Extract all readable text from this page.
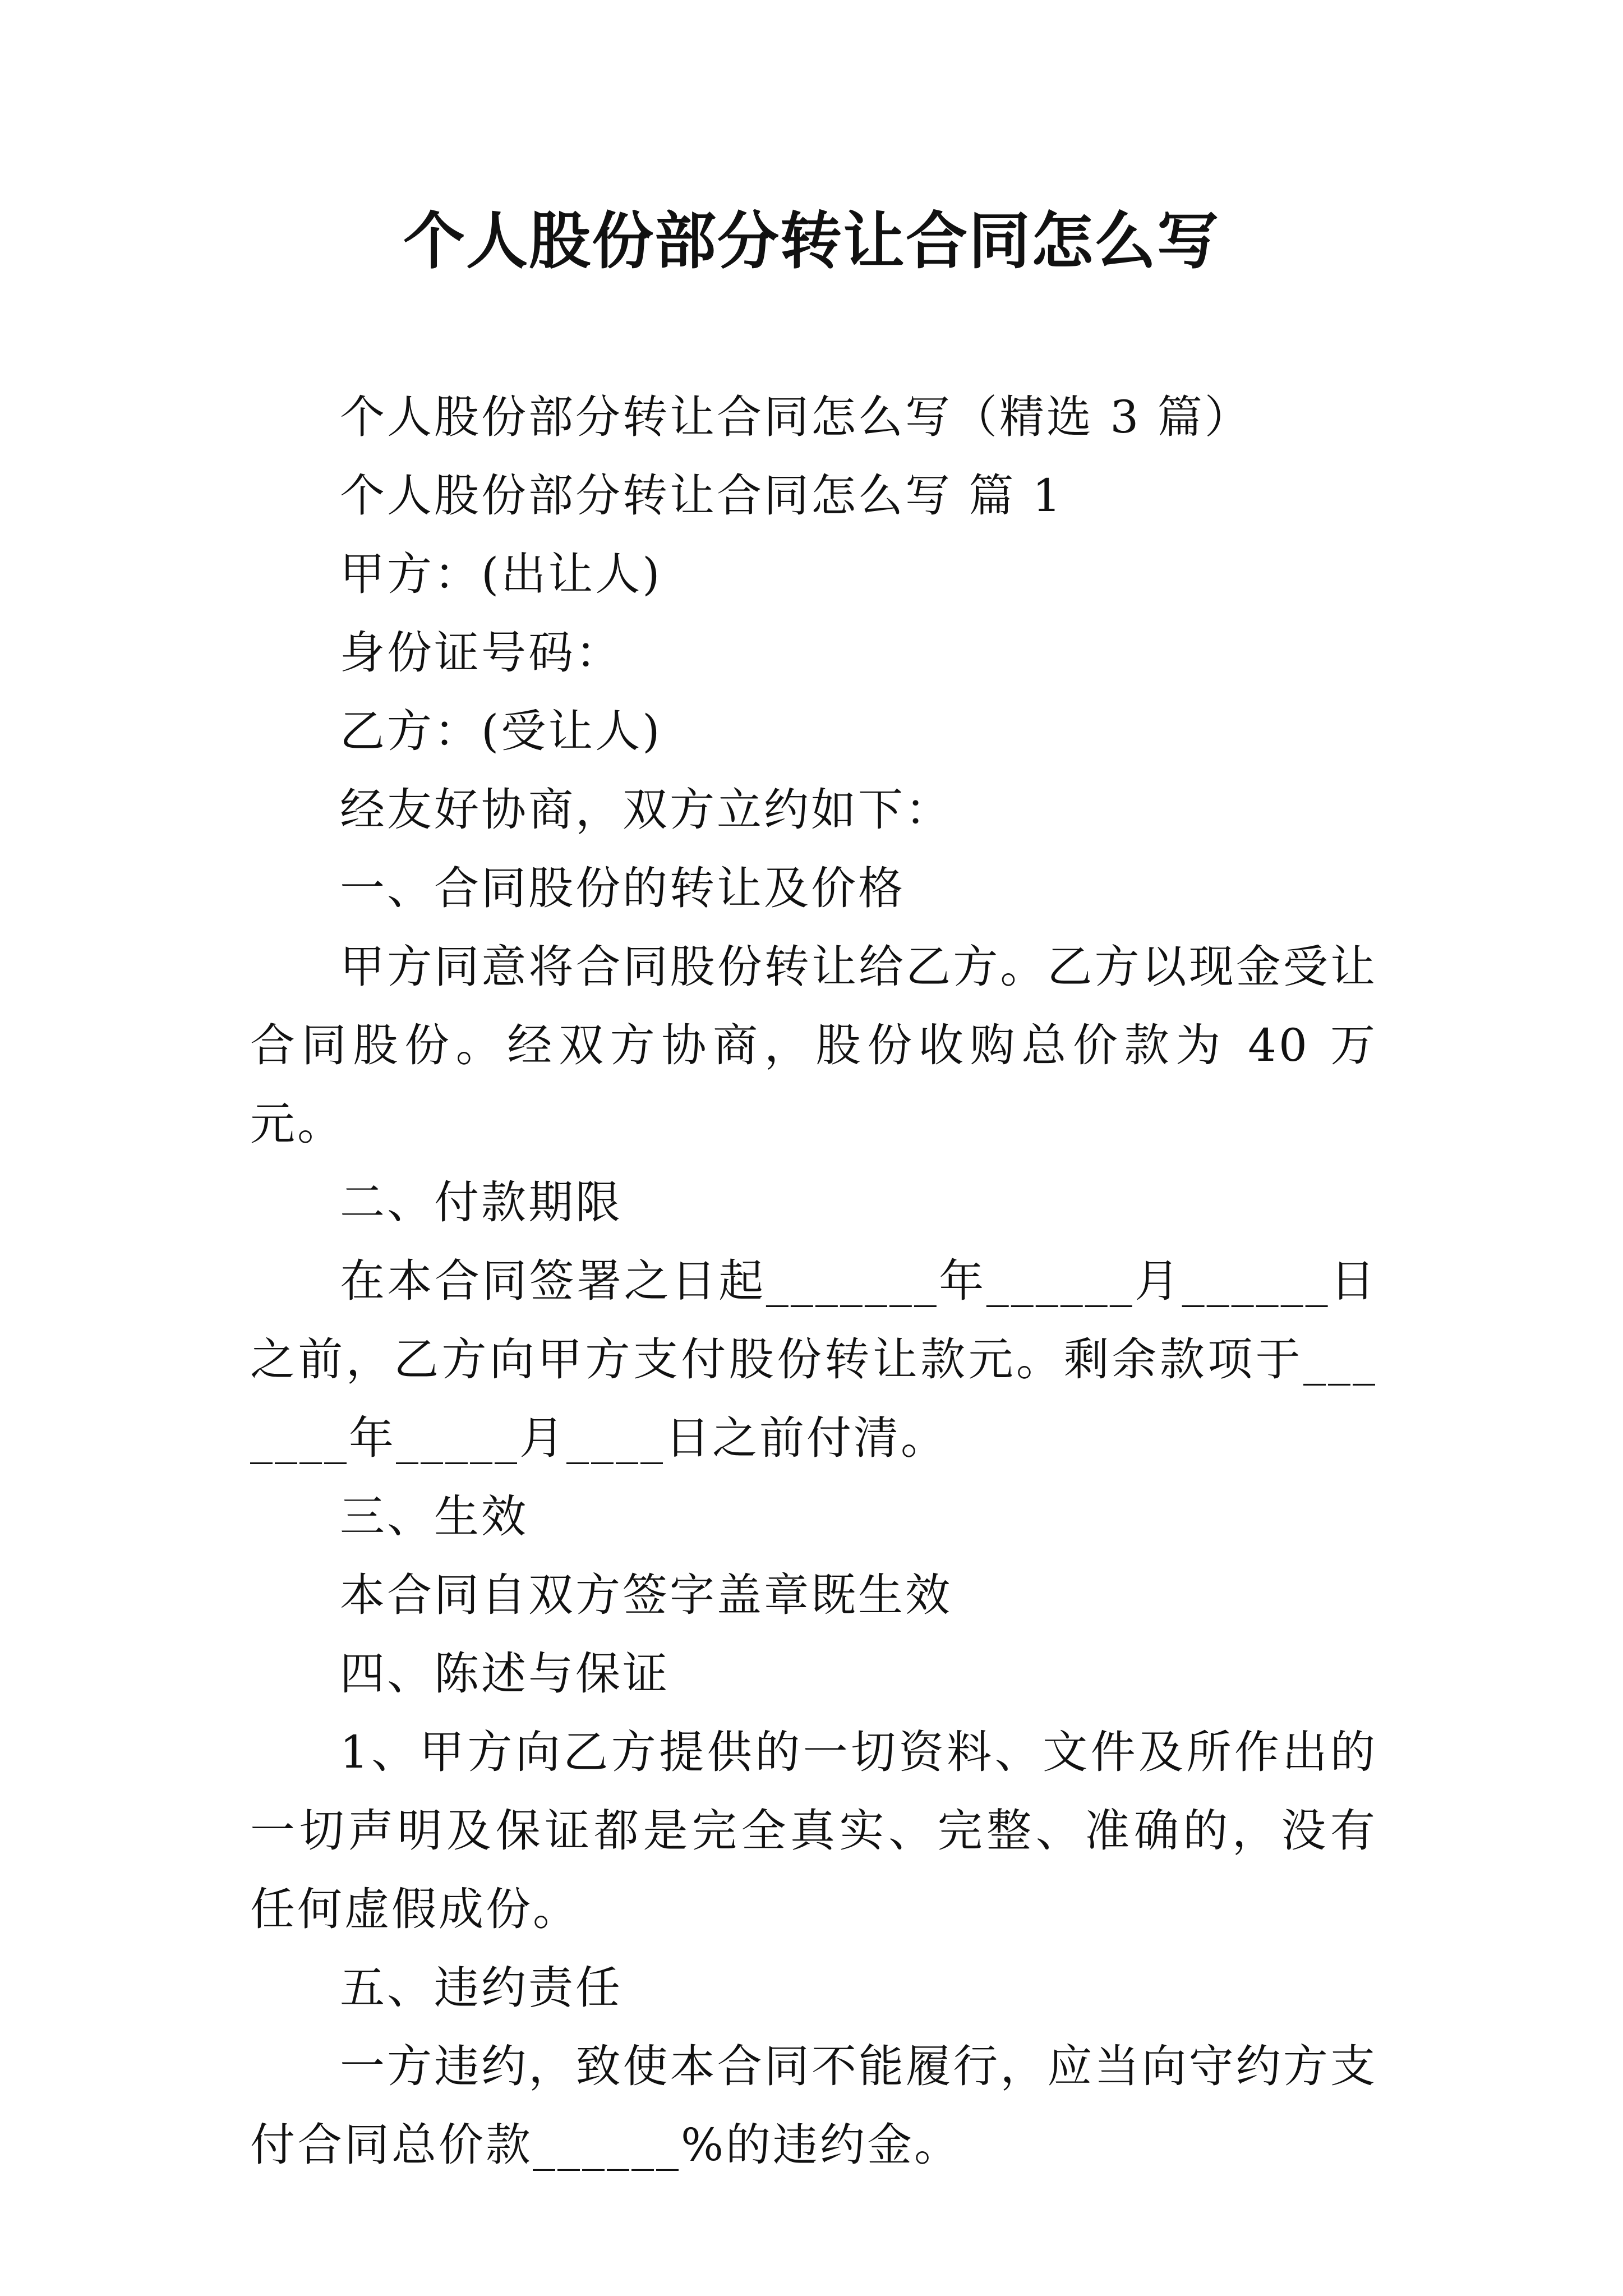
个人股份部分转让合同怎么写

个人股份部分转让合同怎么写（精选 3 篇）

个人股份部分转让合同怎么写 篇 1

甲方：(出让人)

身份证号码：

乙方：(受让人)

经友好协商，双方立约如下：

一、合同股份的转让及价格

甲方同意将合同股份转让给乙方。乙方以现金受让合同股份。经双方协商，股份收购总价款为 40 万元。

二、付款期限

在本合同签署之日起_______年______月______日之前，乙方向甲方支付股份转让款元。剩余款项于_______年_____月____日之前付清。

三、生效

本合同自双方签字盖章既生效

四、陈述与保证

1、甲方向乙方提供的一切资料、文件及所作出的一切声明及保证都是完全真实、完整、准确的，没有任何虚假成份。

五、违约责任

一方违约，致使本合同不能履行，应当向守约方支付合同总价款______%的违约金。
